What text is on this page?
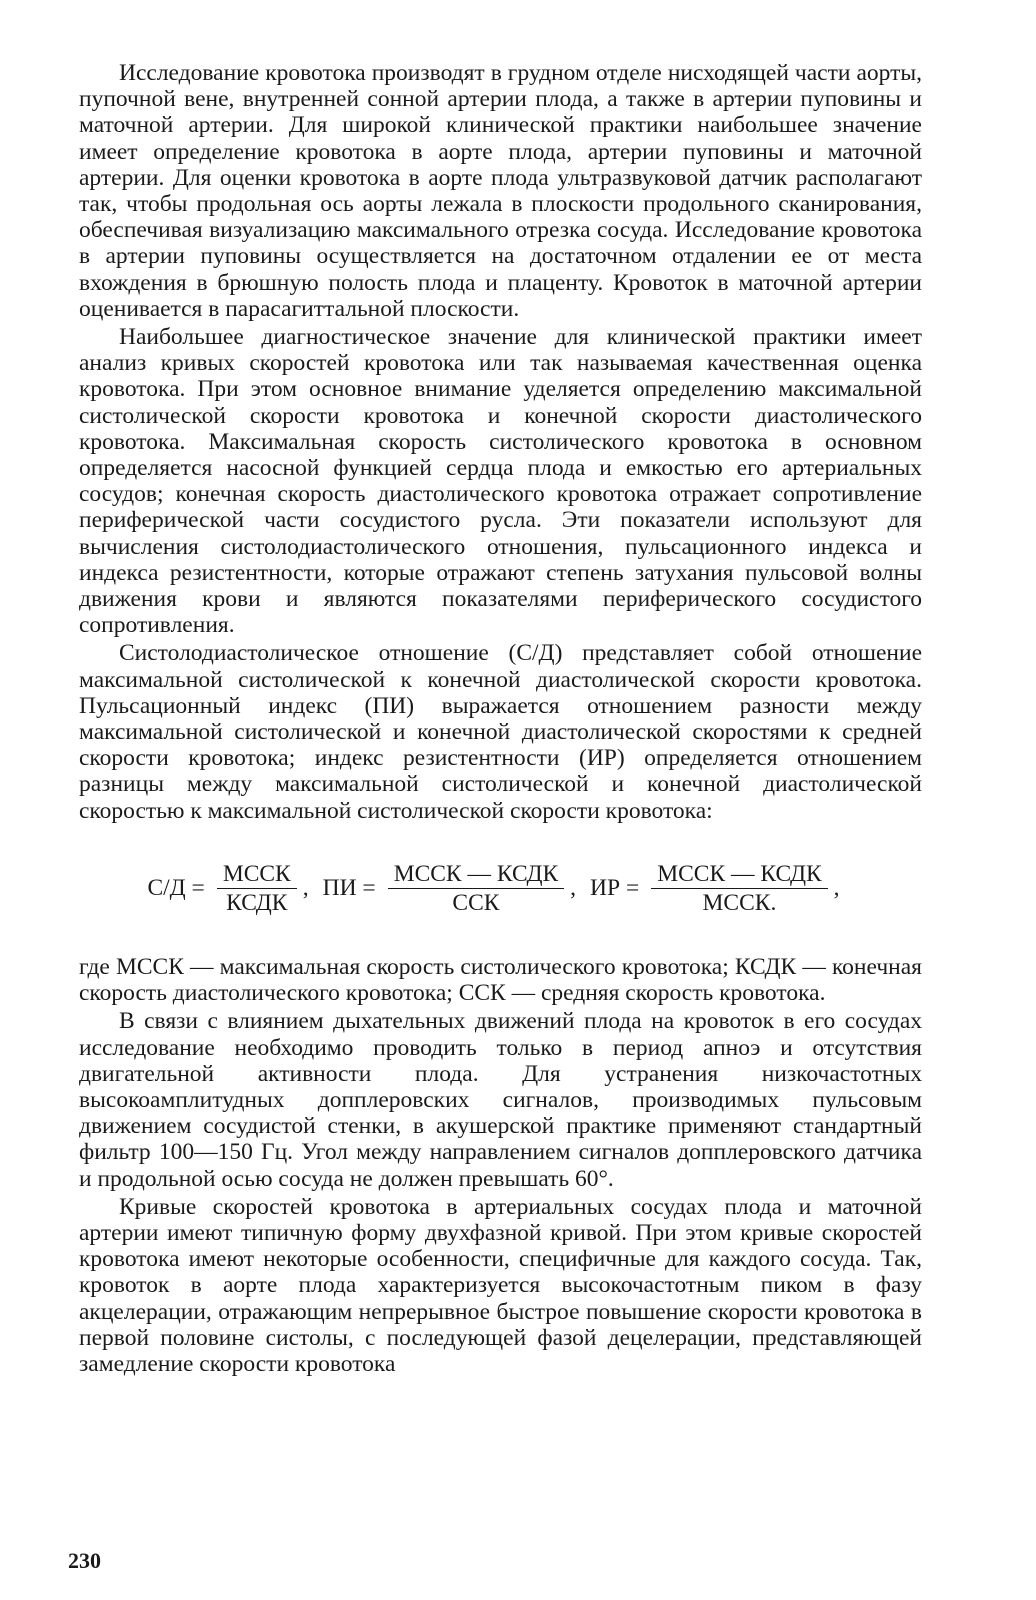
Исследование кровотока производят в грудном отделе нисходящей части аорты, пупочной вене, внутренней сонной артерии плода, а также в артерии пуповины и маточной артерии. Для широкой клинической практики наибольшее значение имеет определение кровотока в аорте плода, артерии пуповины и маточной артерии. Для оценки кровотока в аорте плода ультразвуковой датчик располагают так, чтобы продольная ось аорты лежала в плоскости продольного сканирования, обеспечивая визуализацию максимального отрезка сосуда. Исследование кровотока в артерии пуповины осуществляется на достаточном отдалении ее от места вхождения в брюшную полость плода и плаценту. Кровоток в маточной артерии оценивается в парасагиттальной плоскости.

Наибольшее диагностическое значение для клинической практики имеет анализ кривых скоростей кровотока или так называемая качественная оценка кровотока. При этом основное внимание уделяется определению максимальной систолической скорости кровотока и конечной скорости диастолического кровотока. Максимальная скорость систолического кровотока в основном определяется насосной функцией сердца плода и емкостью его артериальных сосудов; конечная скорость диастолического кровотока отражает сопротивление периферической части сосудистого русла. Эти показатели используют для вычисления систолодиастолического отношения, пульсационного индекса и индекса резистентности, которые отражают степень затухания пульсовой волны движения крови и являются показателями периферического сосудистого сопротивления.

Систолодиастолическое отношение (С/Д) представляет собой отношение максимальной систолической к конечной диастолической скорости кровотока. Пульсационный индекс (ПИ) выражается отношением разности между максимальной систолической и конечной диастолической скоростями к средней скорости кровотока; индекс резистентности (ИР) определяется отношением разницы между максимальной систолической и конечной диастолической скоростью к максимальной систолической скорости кровотока:

$С/Д = \frac{\text{МССК}}{\text{КСДК}}$ , ПИ = $\frac{\text{МССК — КСДК}}{\text{ССК}}$ , ИР = $\frac{\text{МССК — КСДК}}{\text{МССК.}}$ ,

где МССК — максимальная скорость систолического кровотока; КСДК — конечная скорость диастолического кровотока; ССК — средняя скорость кровотока.

В связи с влиянием дыхательных движений плода на кровоток в его сосудах исследование необходимо проводить только в период апноэ и отсутствия двигательной активности плода. Для устранения низкочастотных высокоамплитудных допплеровских сигналов, производимых пульсовым движением сосудистой стенки, в акушерской практике применяют стандартный фильтр 100—150 Гц. Угол между направлением сигналов допплеровского датчика и продольной осью сосуда не должен превышать 60°.

Кривые скоростей кровотока в артериальных сосудах плода и маточной артерии имеют типичную форму двухфазной кривой. При этом кривые скоростей кровотока имеют некоторые особенности, специфичные для каждого сосуда. Так, кровоток в аорте плода характеризуется высокочастотным пиком в фазу акцелерации, отражающим непрерывное быстрое повышение скорости кровотока в первой половине систолы, с последующей фазой децелерации, представляющей замедление скорости кровотока

230
